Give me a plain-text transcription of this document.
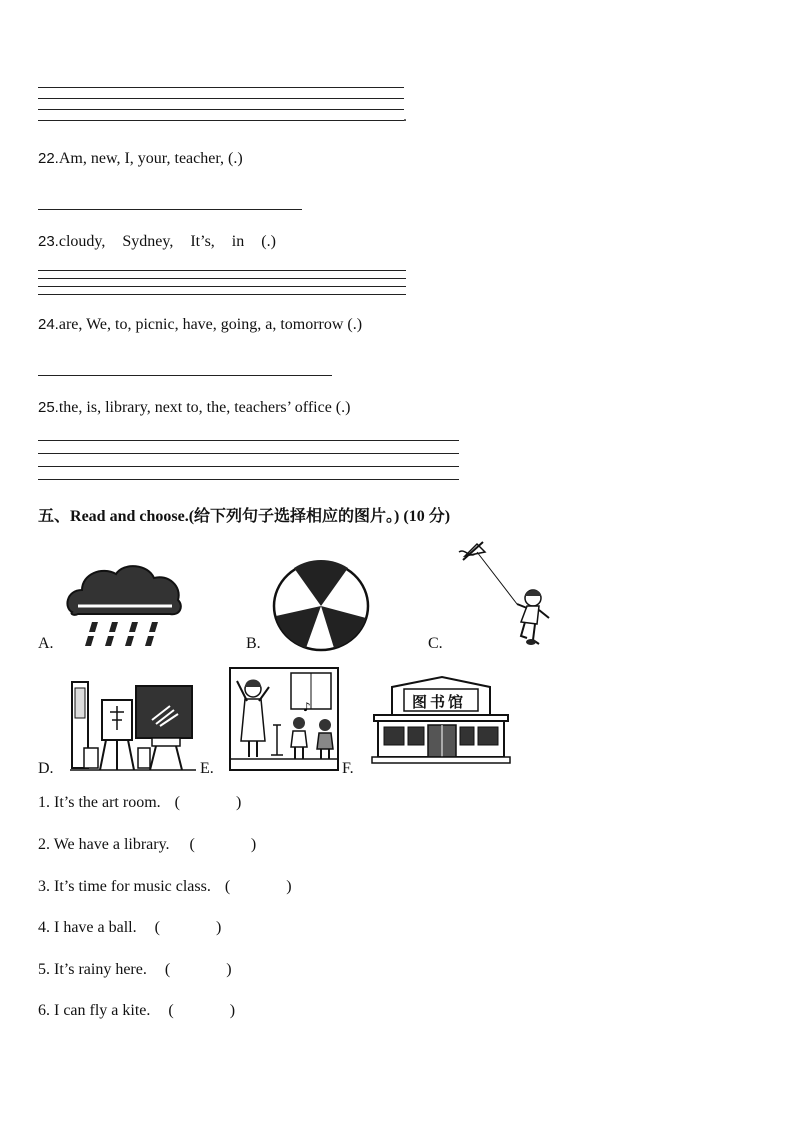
.
22.Am, new, I, your, teacher, (.)
23.cloudy, Sydney, It’s, in (.)
24.are, We, to, picnic, have, going, a, tomorrow (.)
25.the, is, library, next to, the, teachers’ office (.)
五、Read and choose.(给下列句子选择相应的图片。) (10 分)
A.	B.	C.
D.	E.
♪
F.
图书馆
1. It’s the art room. (	)
2. We have a library. (	)
3. It’s time for music class. (	)
4. I have a ball. (	)
5. It’s rainy here. (	)
6. I can fly a kite. (	)
